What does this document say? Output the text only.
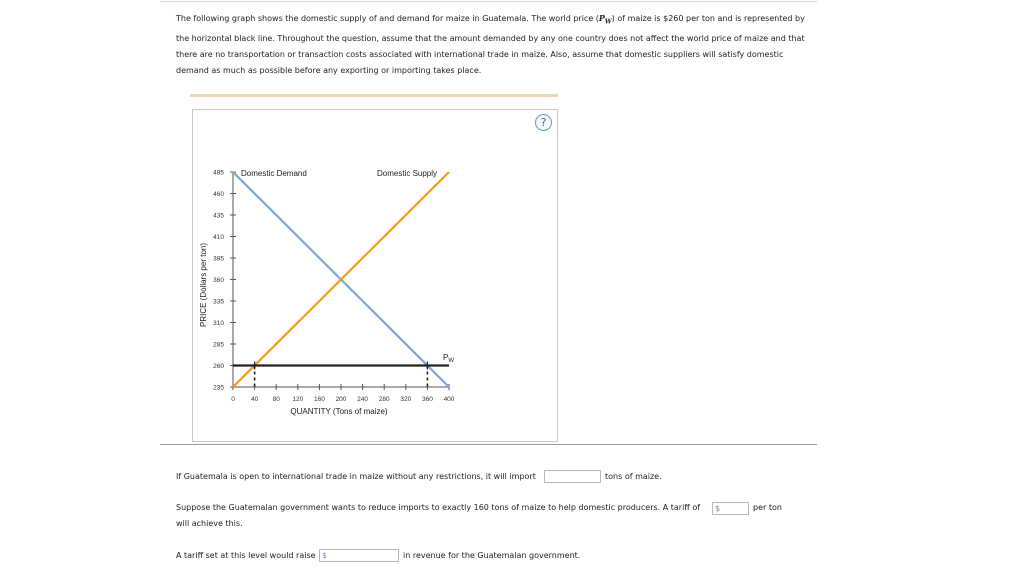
The following graph shows the domestic supply of and demand for maize in Guatemala. The world price $(P_W)$ of maize is $260 per ton and is represented by the horizontal black line. Throughout the question, assume that the amount demanded by any one country does not affect the world price of maize and that there are no transportation or transaction costs associated with international trade in maize. Also, assume that domestic suppliers will satisfy domestic demand as much as possible before any exporting or importing takes place.
?
485
460
435
410
385
360
335
310
285
260
235
0 40 80 120 160 200 240 280 320 360 400
Domestic Demand	Domestic Supply
$P_W$
PRICE (Dollars per ton)
QUANTITY (Tons of maize)
If Guatemala is open to international trade in maize without any restrictions, it will import	tons of maize.
Suppose the Guatemalan government wants to reduce imports to exactly 160 tons of maize to help domestic producers. A tariff of $	per ton
will achieve this.
A tariff set at this level would raise $	in revenue for the Guatemalan government.
